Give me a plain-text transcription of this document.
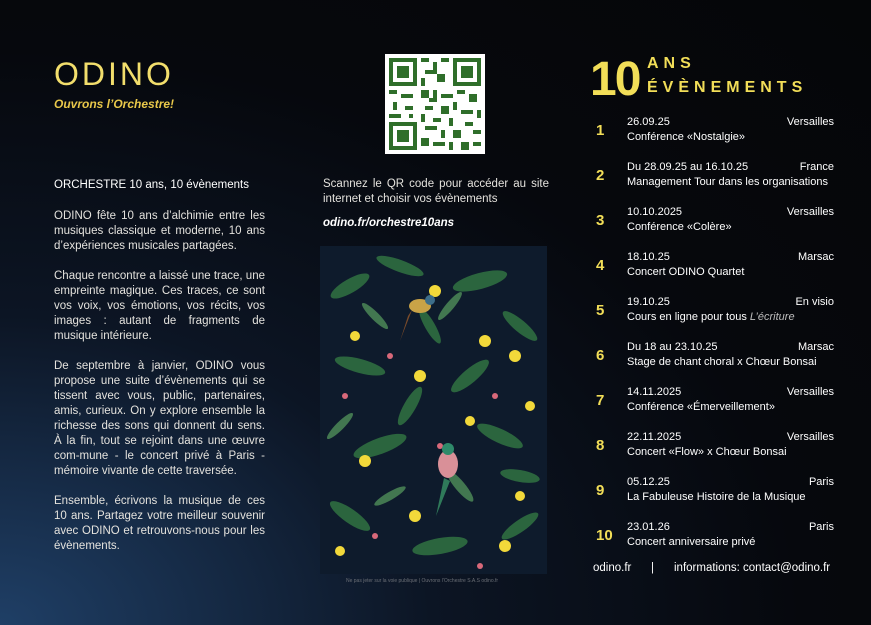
ODINO
Ouvrons l’Orchestre!
ORCHESTRE 10 ans, 10 évènements

ODINO fête 10 ans d’alchimie entre les musiques classique et moderne, 10 ans d’expériences musicales partagées.

Chaque rencontre a laissé une trace, une empreinte magique. Ces traces, ce sont vos voix, vos émotions, vos récits, vos images : autant de fragments de musique intérieure.

De septembre à janvier, ODINO vous propose une suite d’évènements qui se tissent avec vous, public, partenaires, amis, curieux. On y explore ensemble la richesse des sons qui donnent du sens. À la fin, tout se rejoint dans une œuvre com-mune - le concert privé à Paris - mémoire vivante de cette traversée.

Ensemble, écrivons la musique de ces 10 ans. Partagez votre meilleur souvenir avec ODINO et retrouvons-nous pour les évènements.

Scannez le QR code pour accéder au site internet et choisir vos évènements
odino.fr/orchestre10ans
Ne pas jeter sur la voie publique | Ouvrons l'Orchestre S.A.S odino.fr
10 ANS
ÉVÈNEMENTS
1	26.09.25	Versailles
Conférence «Nostalgie»
2	Du 28.09.25 au 16.10.25	France
Management Tour dans les organisations
3	10.10.2025	Versailles
Conférence «Colère»
4	18.10.25	Marsac
Concert ODINO Quartet
5	19.10.25	En visio
Cours en ligne pour tous L’écriture
6	Du 18 au 23.10.25	Marsac
Stage de chant choral x Chœur Bonsai
7	14.11.2025	Versailles
Conférence «Émerveillement»
8	22.11.2025	Versailles
Concert «Flow» x Chœur Bonsai
9	05.12.25	Paris
La Fabuleuse Histoire de la Musique
10 23.01.26	Paris
Concert anniversaire privé
odino.fr | informations: contact@odino.fr
